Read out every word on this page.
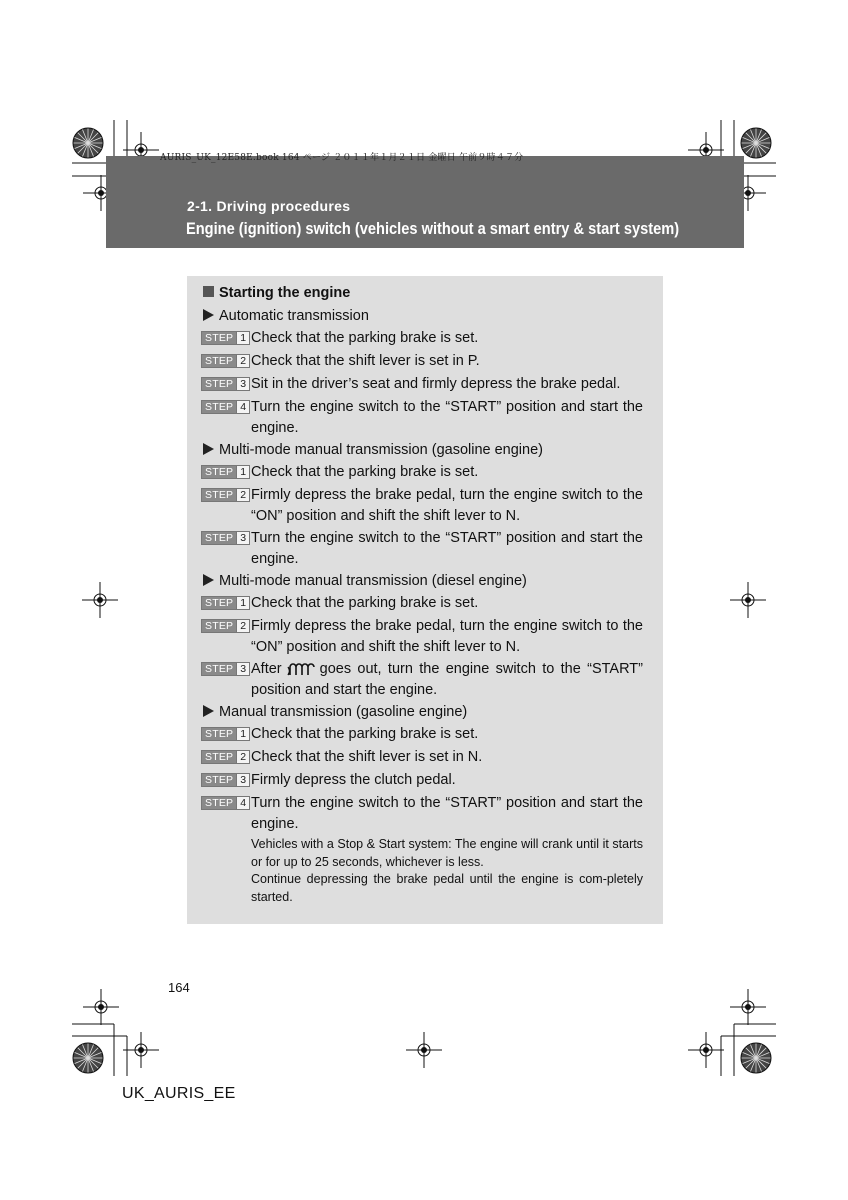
AURIS_UK_12E58E.book 164 ページ ２０１１年１月２１日 金曜日 午前９時４７分
2-1. Driving procedures
Engine (ignition) switch (vehicles without a smart entry & start system)
Starting the engine
Automatic transmission
STEP 1 Check that the parking brake is set.
STEP 2 Check that the shift lever is set in P.
STEP 3 Sit in the driver’s seat and firmly depress the brake pedal.
STEP 4 Turn the engine switch to the “START” position and start the engine.
Multi-mode manual transmission (gasoline engine)
STEP 1 Check that the parking brake is set.
STEP 2 Firmly depress the brake pedal, turn the engine switch to the “ON” position and shift the shift lever to N.
STEP 3 Turn the engine switch to the “START” position and start the engine.
Multi-mode manual transmission (diesel engine)
STEP 1 Check that the parking brake is set.
STEP 2 Firmly depress the brake pedal, turn the engine switch to the “ON” position and shift the shift lever to N.
STEP 3 After	goes out, turn the engine switch to the “START” position and start the engine.
Manual transmission (gasoline engine)
STEP 1 Check that the parking brake is set.
STEP 2 Check that the shift lever is set in N.
STEP 3 Firmly depress the clutch pedal.
STEP 4 Turn the engine switch to the “START” position and start the engine.
Vehicles with a Stop & Start system: The engine will crank until it starts or for up to 25 seconds, whichever is less.
Continue depressing the brake pedal until the engine is com-pletely started.
164
UK_AURIS_EE
